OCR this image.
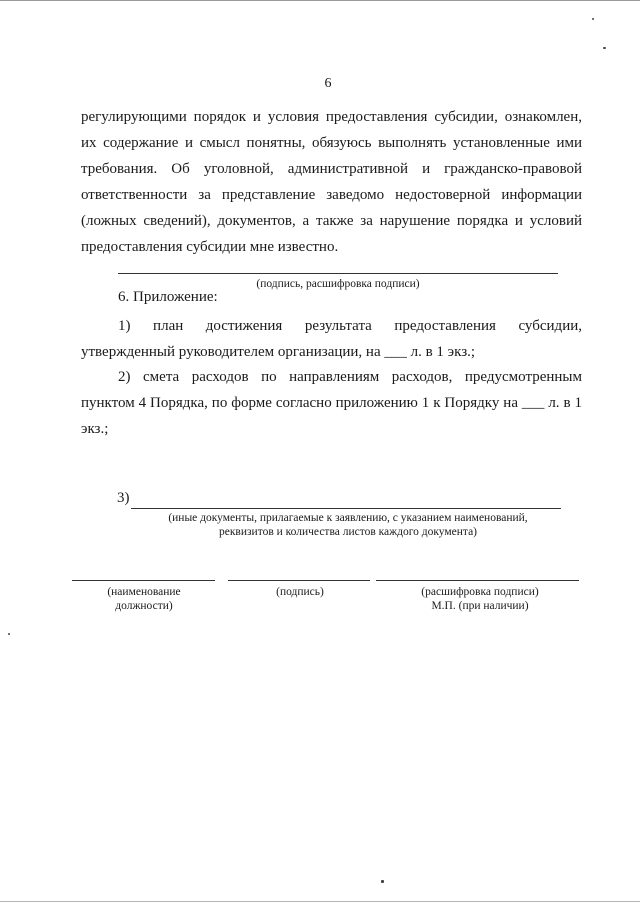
6

регулирующими порядок и условия предоставления субсидии, ознакомлен, их содержание и смысл понятны, обязуюсь выполнять установленные ими требования. Об уголовной, административной и гражданско-правовой ответственности за представление заведомо недостоверной информации (ложных сведений), документов, а также за нарушение порядка и условий предоставления субсидии мне известно.

(подпись, расшифровка подписи)
6. Приложение:

1) план достижения результата предоставления субсидии, утвержденный руководителем организации, на ___ л. в 1 экз.;

2) смета расходов по направлениям расходов, предусмотренным пунктом 4 Порядка, по форме согласно приложению 1 к Порядку на ___ л. в 1 экз.;

3)
(иные документы, прилагаемые к заявлению, с указанием наименований, реквизитов и количества листов каждого документа)
(наименование должности)
(подпись)	(расшифровка подписи)
М.П. (при наличии)
